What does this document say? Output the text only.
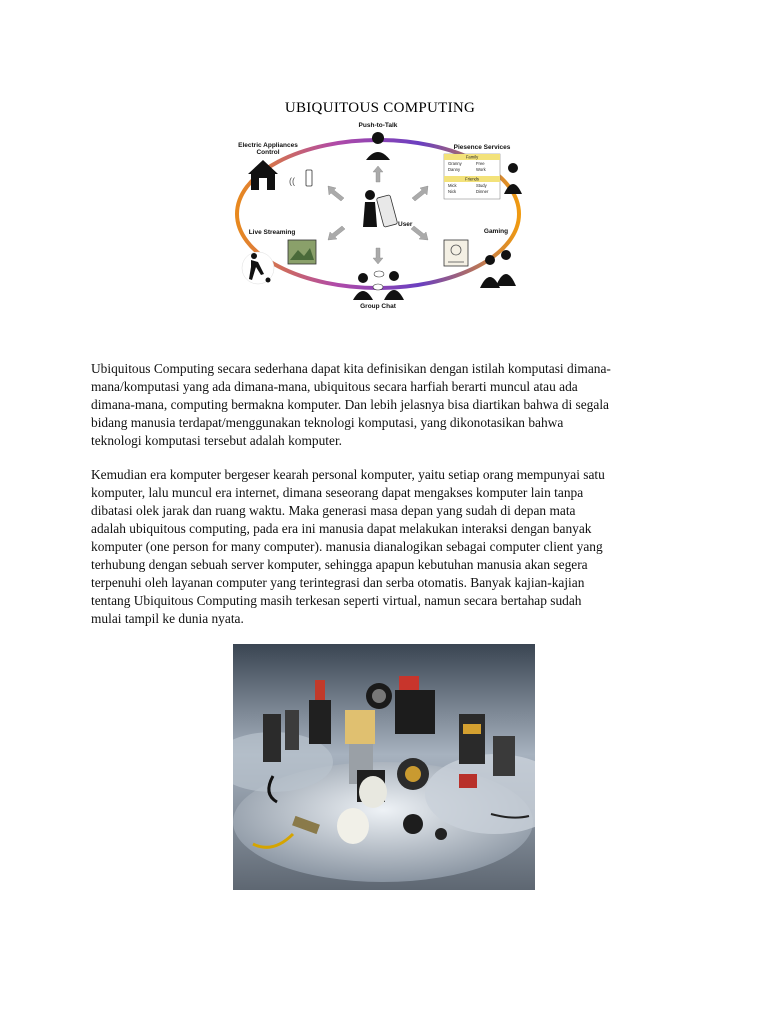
UBIQUITOUS COMPUTING
Push-to-Talk
Electric Appliances
Control
((
Piesence Services
Family
Granny	Free
Danny	Work
Friends
Mick	Study
Nick	Dinner
User
Live Streaming	Gaming
Group Chat

Ubiquitous Computing secara sederhana dapat kita definisikan dengan istilah komputasi dimana-
mana/komputasi yang ada dimana-mana, ubiquitous secara harfiah berarti muncul atau ada
dimana-mana, computing bermakna komputer. Dan lebih jelasnya bisa diartikan bahwa di segala
bidang manusia terdapat/menggunakan teknologi komputasi, yang dikonotasikan bahwa
teknologi komputasi tersebut adalah komputer.

Kemudian era komputer bergeser kearah personal komputer, yaitu setiap orang mempunyai satu
komputer, lalu muncul era internet, dimana seseorang dapat mengakses komputer lain tanpa
dibatasi olek jarak dan ruang waktu. Maka generasi masa depan yang sudah di depan mata
adalah ubiquitous computing, pada era ini manusia dapat melakukan interaksi dengan banyak
komputer (one person for many computer). manusia dianalogikan sebagai computer client yang
terhubung dengan sebuah server komputer, sehingga apapun kebutuhan manusia akan segera
terpenuhi oleh layanan computer yang terintegrasi dan serba otomatis. Banyak kajian-kajian
tentang Ubiquitous Computing masih terkesan seperti virtual, namun secara bertahap sudah
mulai tampil ke dunia nyata.
